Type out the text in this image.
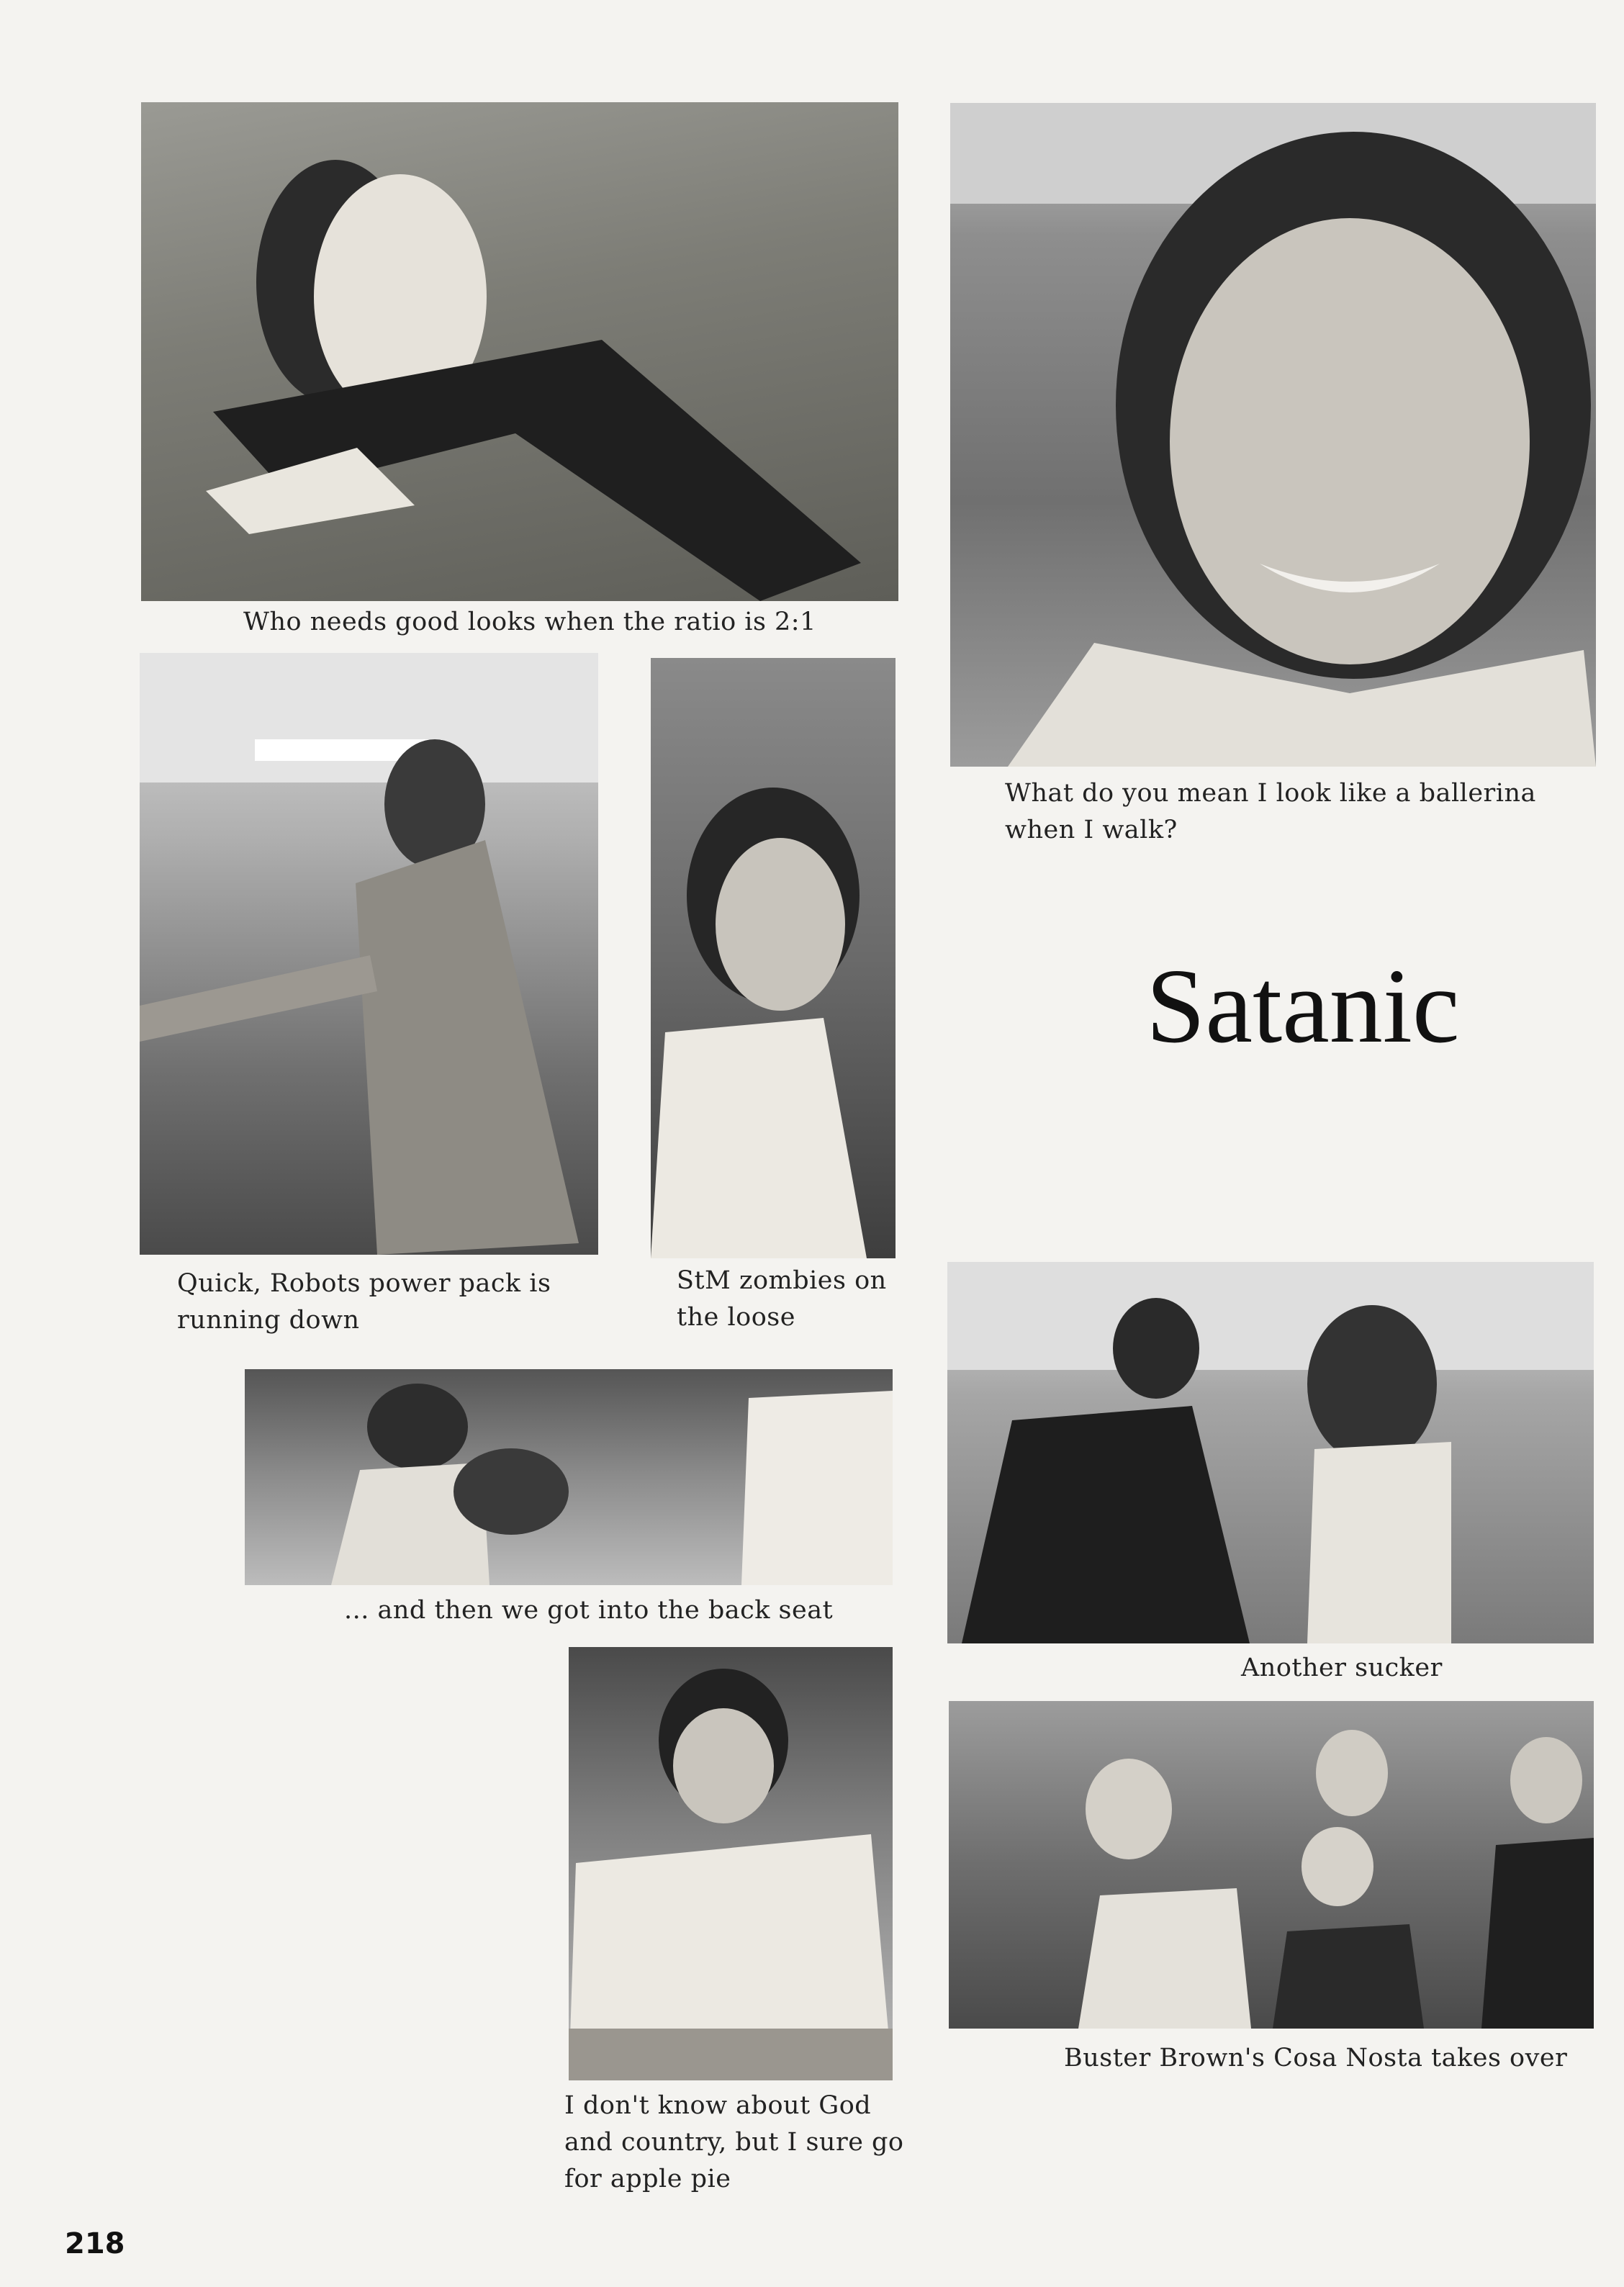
Who needs good looks when the ratio is 2:1
What do you mean I look like a ballerina when I walk?
Quick, Robots power pack is running down
StM zombies on the loose
Satanic
... and then we got into the back seat
Another sucker
I don't know about God and country, but I sure go for apple pie
Buster Brown's Cosa Nosta takes over
218
